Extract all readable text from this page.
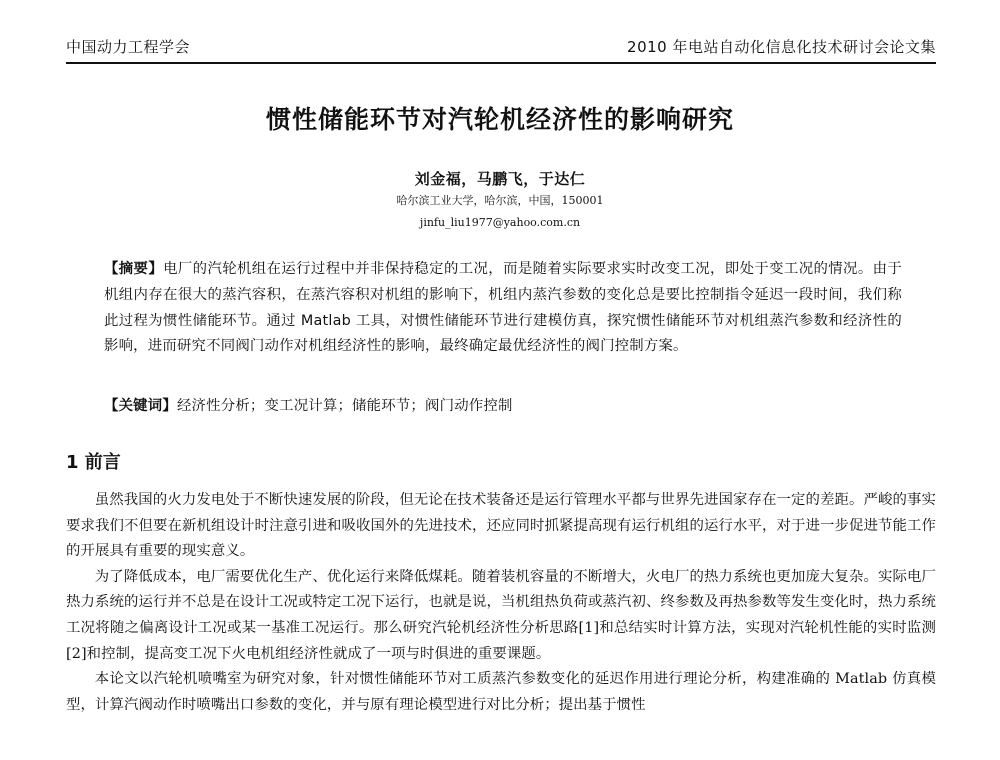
中国动力工程学会	2010 年电站自动化信息化技术研讨会论文集
惯性储能环节对汽轮机经济性的影响研究
刘金福，马鹏飞，于达仁
哈尔滨工业大学，哈尔滨，中国，150001
jinfu_liu1977@yahoo.com.cn

【摘要】电厂的汽轮机组在运行过程中并非保持稳定的工况，而是随着实际要求实时改变工况，即处于变工况的情况。由于机组内存在很大的蒸汽容积，在蒸汽容积对机组的影响下，机组内蒸汽参数的变化总是要比控制指令延迟一段时间，我们称此过程为惯性储能环节。通过 Matlab 工具，对惯性储能环节进行建模仿真，探究惯性储能环节对机组蒸汽参数和经济性的影响，进而研究不同阀门动作对机组经济性的影响，最终确定最优经济性的阀门控制方案。

【关键词】经济性分析；变工况计算；储能环节；阀门动作控制
1 前言

虽然我国的火力发电处于不断快速发展的阶段，但无论在技术装备还是运行管理水平都与世界先进国家存在一定的差距。严峻的事实要求我们不但要在新机组设计时注意引进和吸收国外的先进技术，还应同时抓紧提高现有运行机组的运行水平，对于进一步促进节能工作的开展具有重要的现实意义。

为了降低成本，电厂需要优化生产、优化运行来降低煤耗。随着装机容量的不断增大，火电厂的热力系统也更加庞大复杂。实际电厂热力系统的运行并不总是在设计工况或特定工况下运行，也就是说，当机组热负荷或蒸汽初、终参数及再热参数等发生变化时，热力系统工况将随之偏离设计工况或某一基准工况运行。那么研究汽轮机经济性分析思路[1]和总结实时计算方法，实现对汽轮机性能的实时监测[2]和控制，提高变工况下火电机组经济性就成了一项与时俱进的重要课题。

本论文以汽轮机喷嘴室为研究对象，针对惯性储能环节对工质蒸汽参数变化的延迟作用进行理论分析，构建准确的 Matlab 仿真模型，计算汽阀动作时喷嘴出口参数的变化，并与原有理论模型进行对比分析；提出基于惯性
